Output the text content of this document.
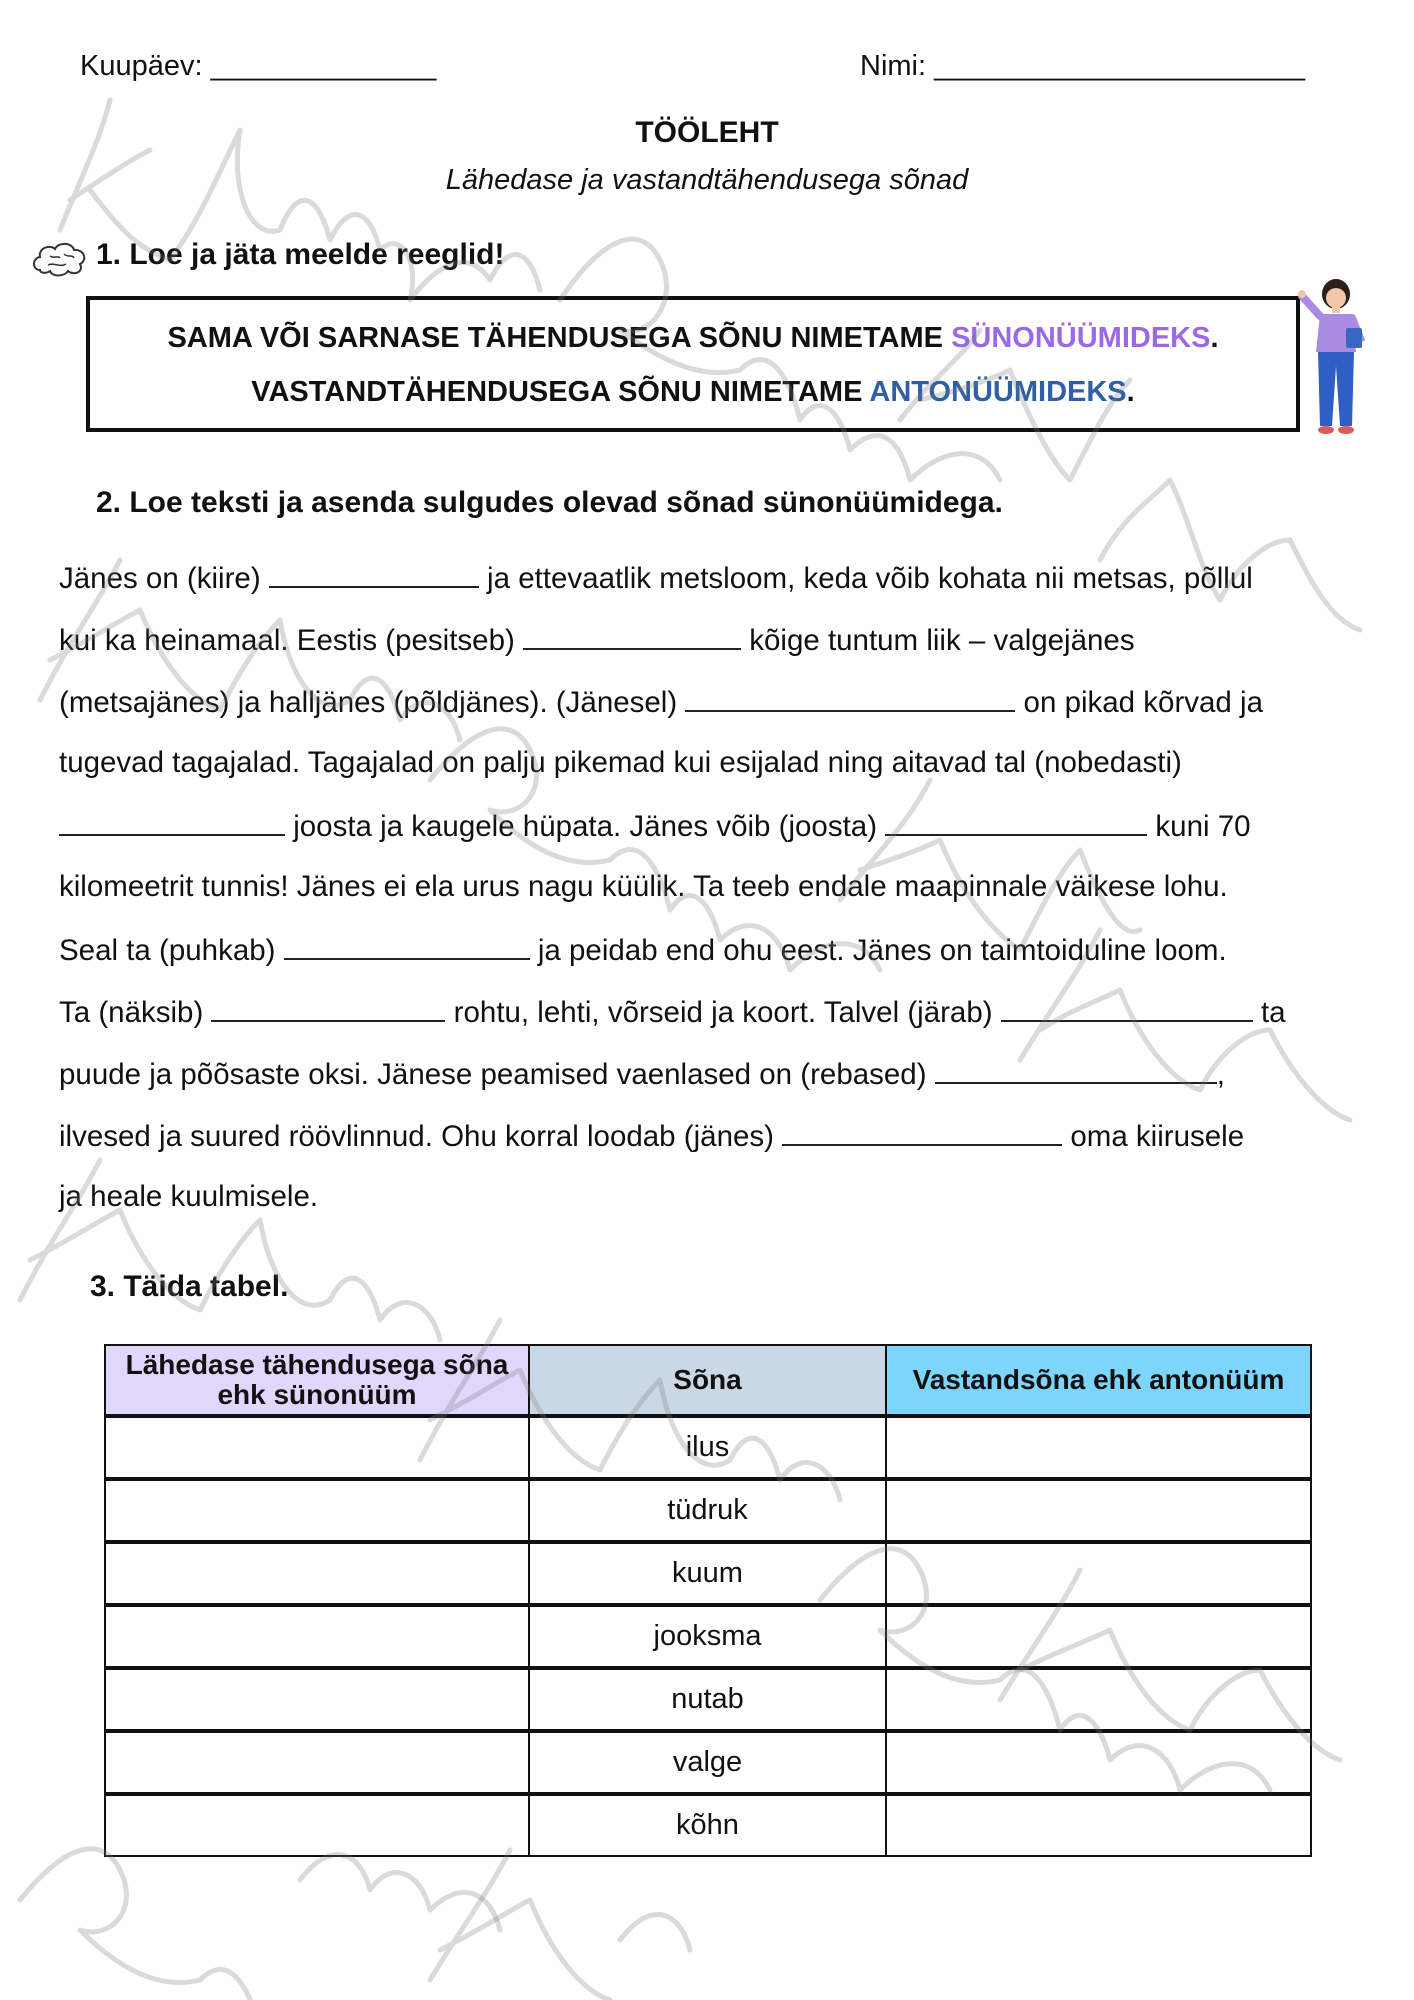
Kuupäev: ______________	Nimi: _______________________
TÖÖLEHT
Lähedase ja vastandtähendusega sõnad
1. Loe ja jäta meelde reeglid!
SAMA VÕI SARNASE TÄHENDUSEGA SÕNU NIMETAME SÜNONÜÜMIDEKS.
VASTANDTÄHENDUSEGA SÕNU NIMETAME ANTONÜÜMIDEKS.
2. Loe teksti ja asenda sulgudes olevad sõnad sünonüümidega.
Jänes on (kiire)	ja ettevaatlik metsloom, keda võib kohata nii metsas, põllul
kui ka heinamaal. Eestis (pesitseb)	kõige tuntum liik – valgejänes
(metsajänes) ja halljänes (põldjänes). (Jänesel)	on pikad kõrvad ja
tugevad tagajalad. Tagajalad on palju pikemad kui esijalad ning aitavad tal (nobedasti)
joosta ja kaugele hüpata. Jänes võib (joosta)	kuni 70
kilomeetrit tunnis! Jänes ei ela urus nagu küülik. Ta teeb endale maapinnale väikese lohu.
Seal ta (puhkab)	ja peidab end ohu eest. Jänes on taimtoiduline loom.
Ta (näksib)	rohtu, lehti, võrseid ja koort. Talvel (järab)	ta
puude ja põõsaste oksi. Jänese peamised vaenlased on (rebased)	,
ilvesed ja suured röövlinnud. Ohu korral loodab (jänes)	oma kiirusele
ja heale kuulmisele.
3. Täida tabel.
Lähedase tähendusega sõna ehk sünonüüm	Sõna	Vastandsõna ehk antonüüm
	ilus	
	tüdruk	
	kuum	
	jooksma	
	nutab	
	valge	
	kõhn	
